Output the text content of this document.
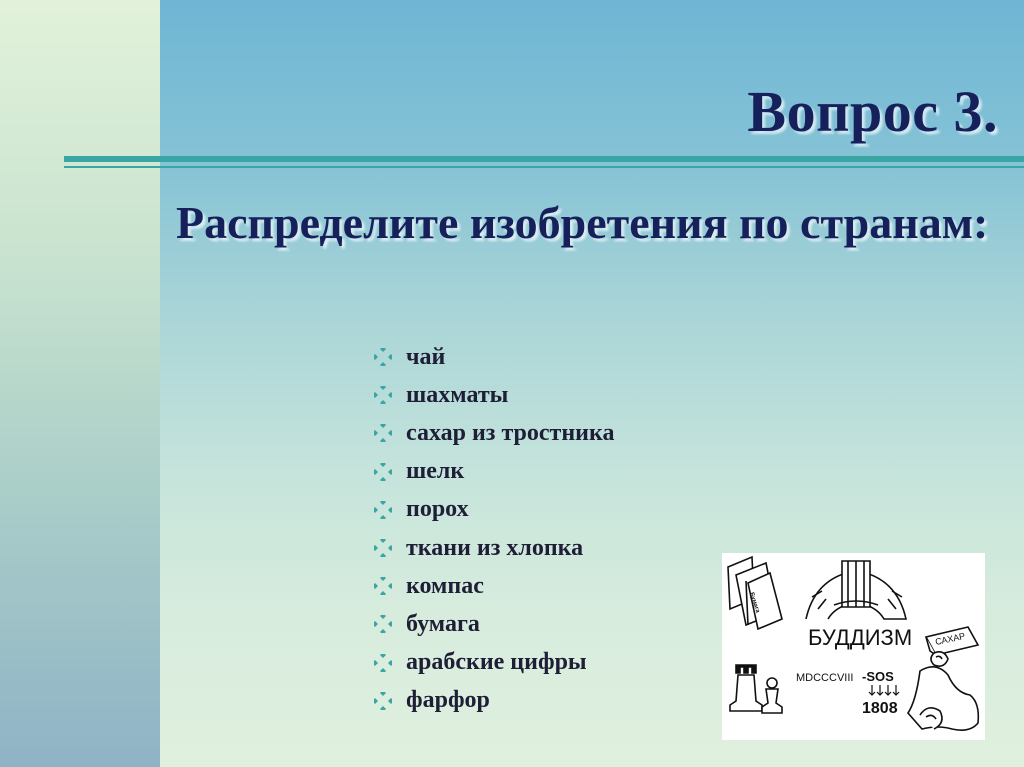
Вопрос 3.
Распределите изобретения по странам:
чай
шахматы
сахар из тростника
шелк
порох
ткани из хлопка
компас
бумага
арабские цифры
фарфор
Бумага
БУДДИЗМ САХАР
MDCCCVIII -SOS
1808
